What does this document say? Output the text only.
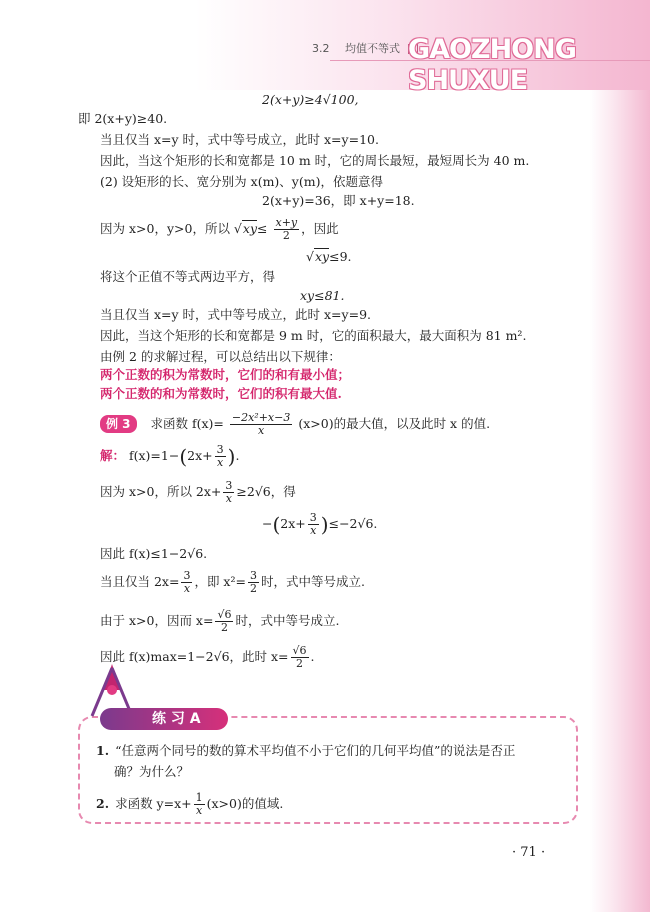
3.2 均值不等式 GAOZHONG SHUXUE
2(x+y)≥4√100,
即 2(x+y)≥40.
当且仅当 x=y 时，式中等号成立，此时 x=y=10.
因此，当这个矩形的长和宽都是 10 m 时，它的周长最短，最短周长为 40 m.
(2) 设矩形的长、宽分别为 x(m)、y(m)，依题意得
2(x+y)=36，即 x+y=18.
因为 x>0，y>0，所以 $√xy\le \frac{x+y}{2}$ ，因此
√xy≤9.
将这个正值不等式两边平方，得
xy≤81.
当且仅当 x=y 时，式中等号成立，此时 x=y=9.
因此，当这个矩形的长和宽都是 9 m 时，它的面积最大，最大面积为 81 m².
由例 2 的求解过程，可以总结出以下规律：
两个正数的积为常数时，它们的和有最小值；
两个正数的和为常数时，它们的积有最大值.
例 3 求函数 $f(x)= \frac{\text{−2x²+x−3}}{x} (x>0)$的最大值，以及此时 x 的值.
解： $f(x)=1-(2x+ \frac{3}{x}$ ).
因为 x>0，所以 $2x+ \frac{3}{x} \ge 2√6$，得
$-(2x+ \frac{3}{x} )\le-2√6$.
因此 f(x)≤1−2√6.
当且仅当 $2x= \frac{3}{x}$ ，即 $x^2= \frac{3}{2}$ 时，式中等号成立.
由于 x>0，因而 $x= \frac{√6}{2}$ 时，式中等号成立.
因此 f(x)max=1−2√6，此时 $x= \frac{√6}{2}$ .
练 习 A
1. “任意两个同号的数的算术平均值不小于它们的几何平均值”的说法是否正
确？为什么？
2. 求函数 $y=x+ \frac{1}{x} (x>0)$的值域.
· 71 ·
